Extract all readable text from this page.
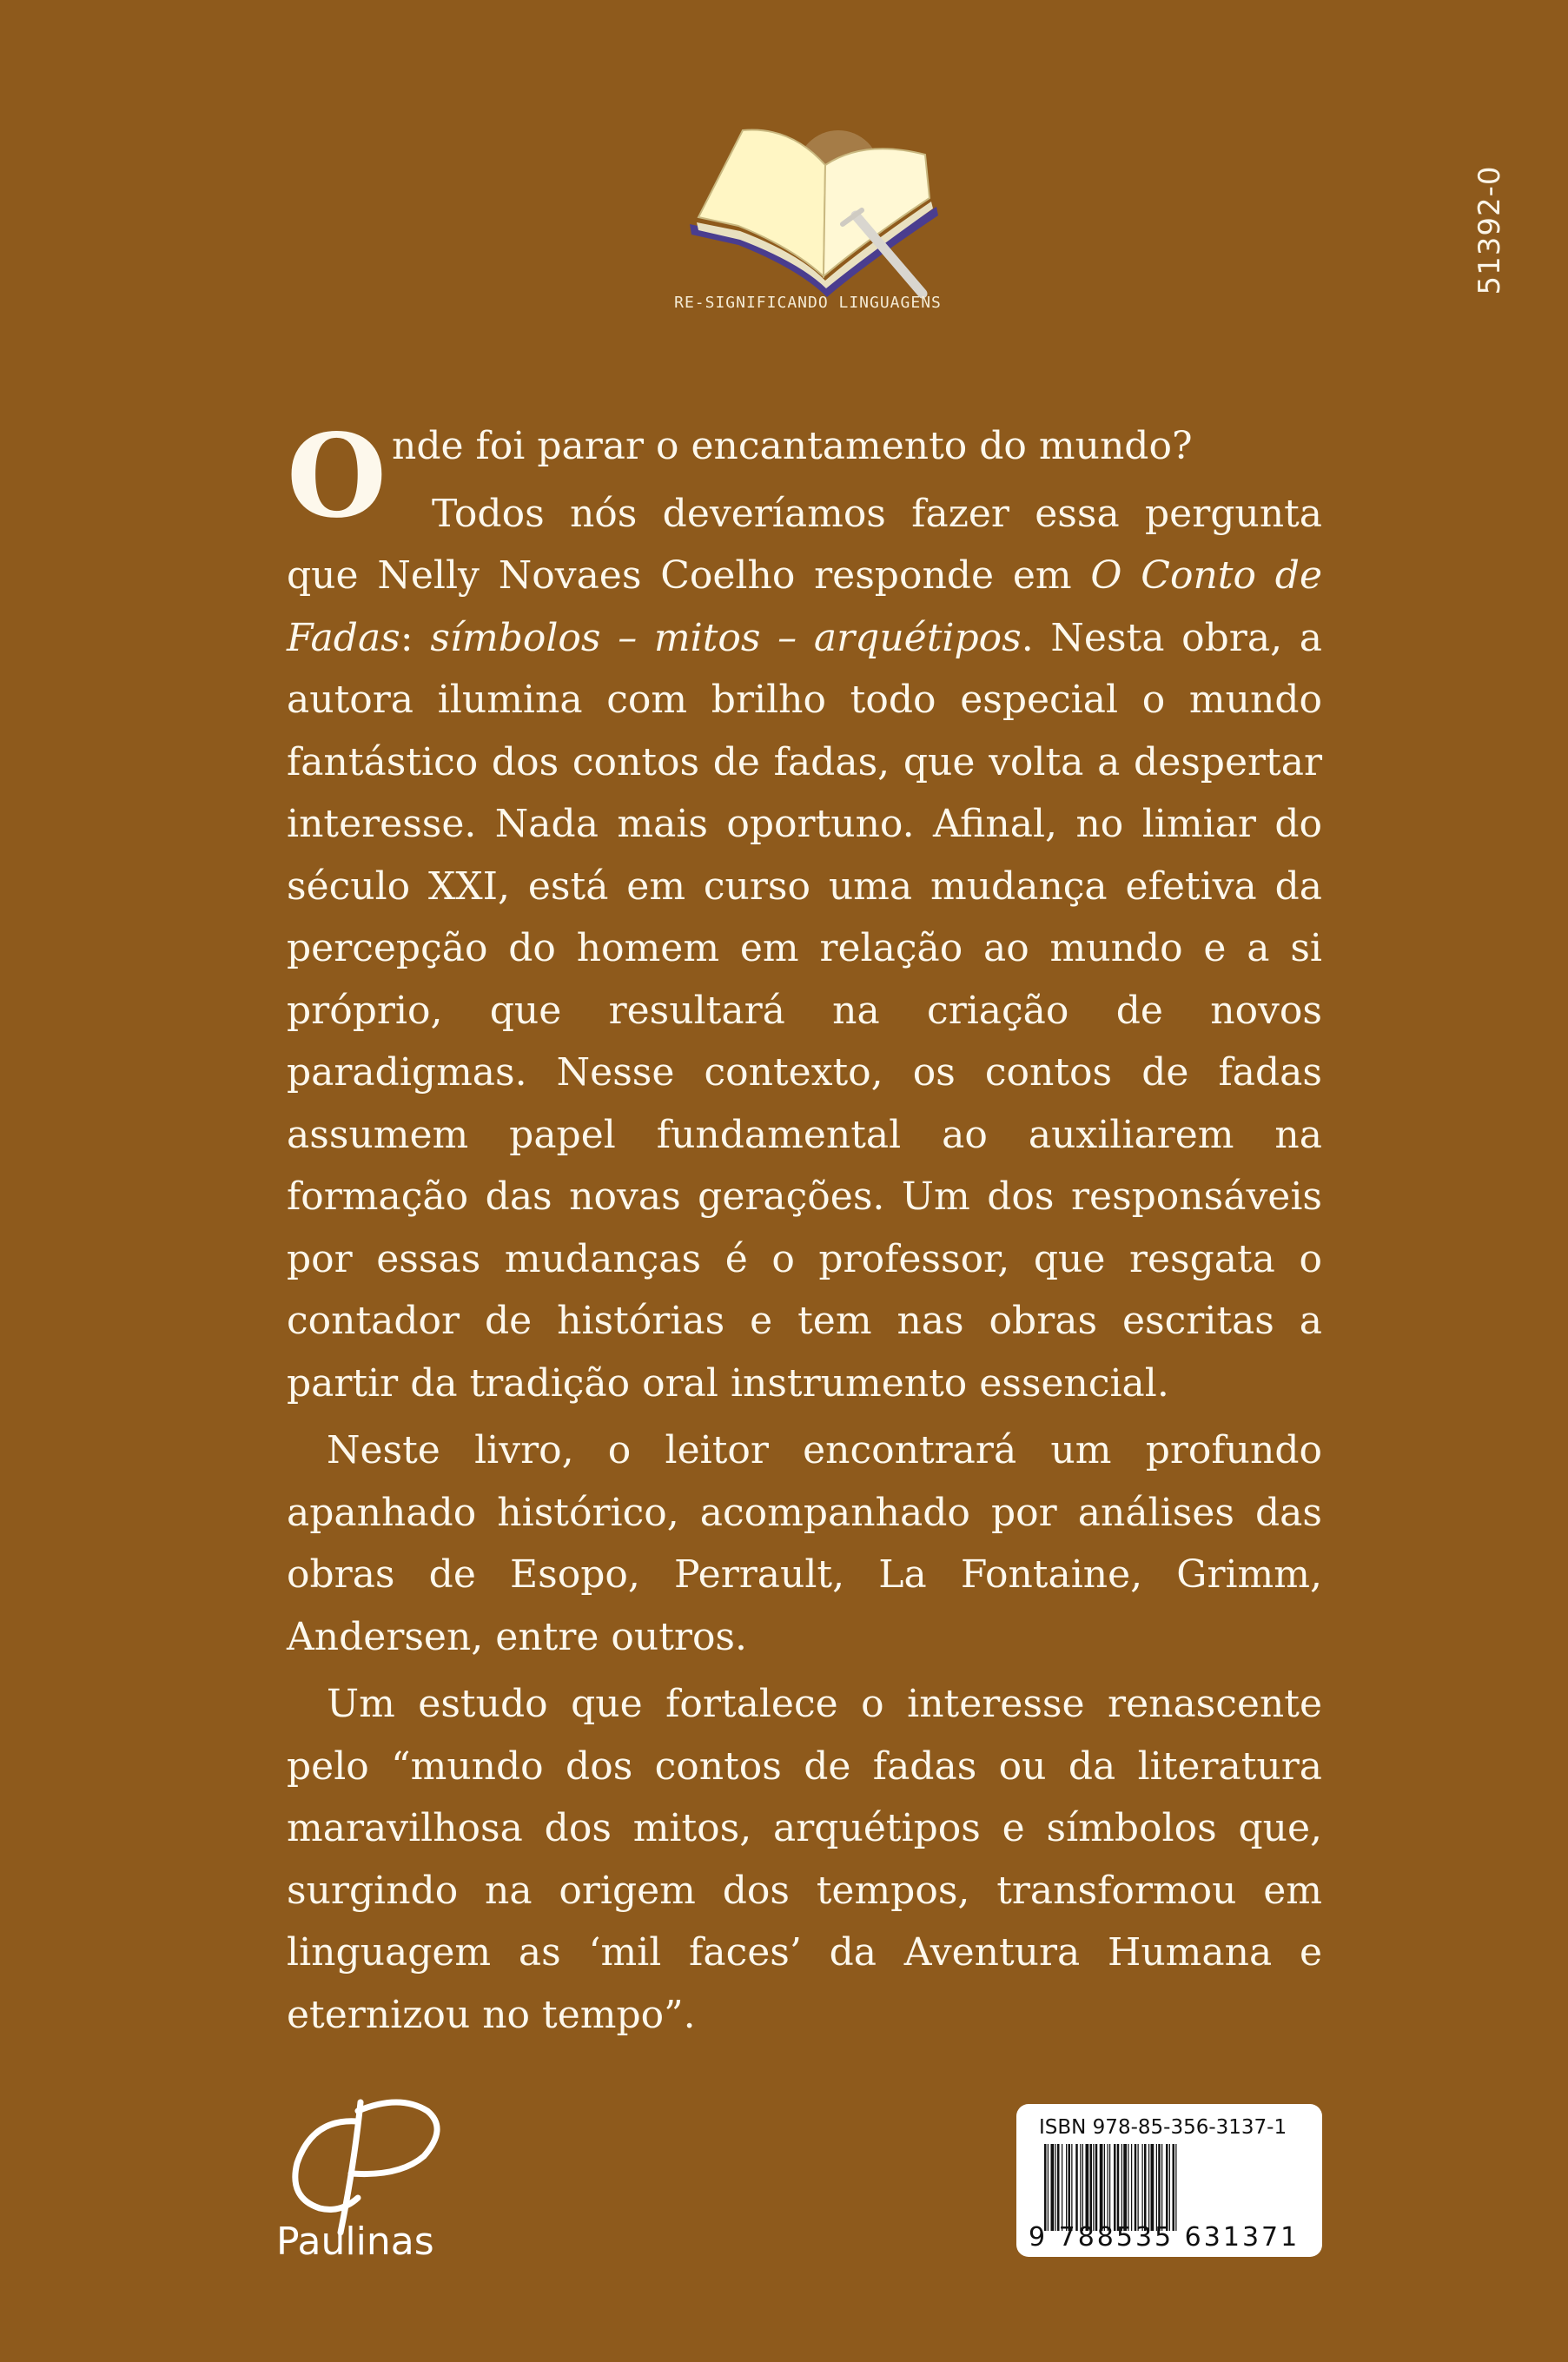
RE-SIGNIFICANDO LINGUAGENS
51392-0

Onde foi parar o encantamento do mundo?

Todos nós deveríamos fazer essa pergunta que Nelly Novaes Coelho responde em O Conto de Fadas: símbolos – mitos – arquétipos. Nesta obra, a autora ilumina com brilho todo especial o mundo fantástico dos contos de fadas, que volta a despertar interesse. Nada mais oportuno. Afinal, no limiar do século XXI, está em curso uma mudança efetiva da percepção do homem em relação ao mundo e a si próprio, que resultará na criação de novos paradigmas. Nesse contexto, os contos de fadas assumem papel fundamental ao auxiliarem na formação das novas gerações. Um dos responsáveis por essas mudanças é o professor, que resgata o contador de histórias e tem nas obras escritas a partir da tradição oral instrumento essencial.

Neste livro, o leitor encontrará um profundo apanhado histórico, acompanhado por análises das obras de Esopo, Perrault, La Fontaine, Grimm, Andersen, entre outros.

Um estudo que fortalece o interesse renascente pelo “mundo dos contos de fadas ou da literatura maravilhosa dos mitos, arquétipos e símbolos que, surgindo na origem dos tempos, transformou em linguagem as ‘mil faces’ da Aventura Humana e eternizou no tempo”.

Paulinas
ISBN 978-85-356-3137-1
9 788535 631371
